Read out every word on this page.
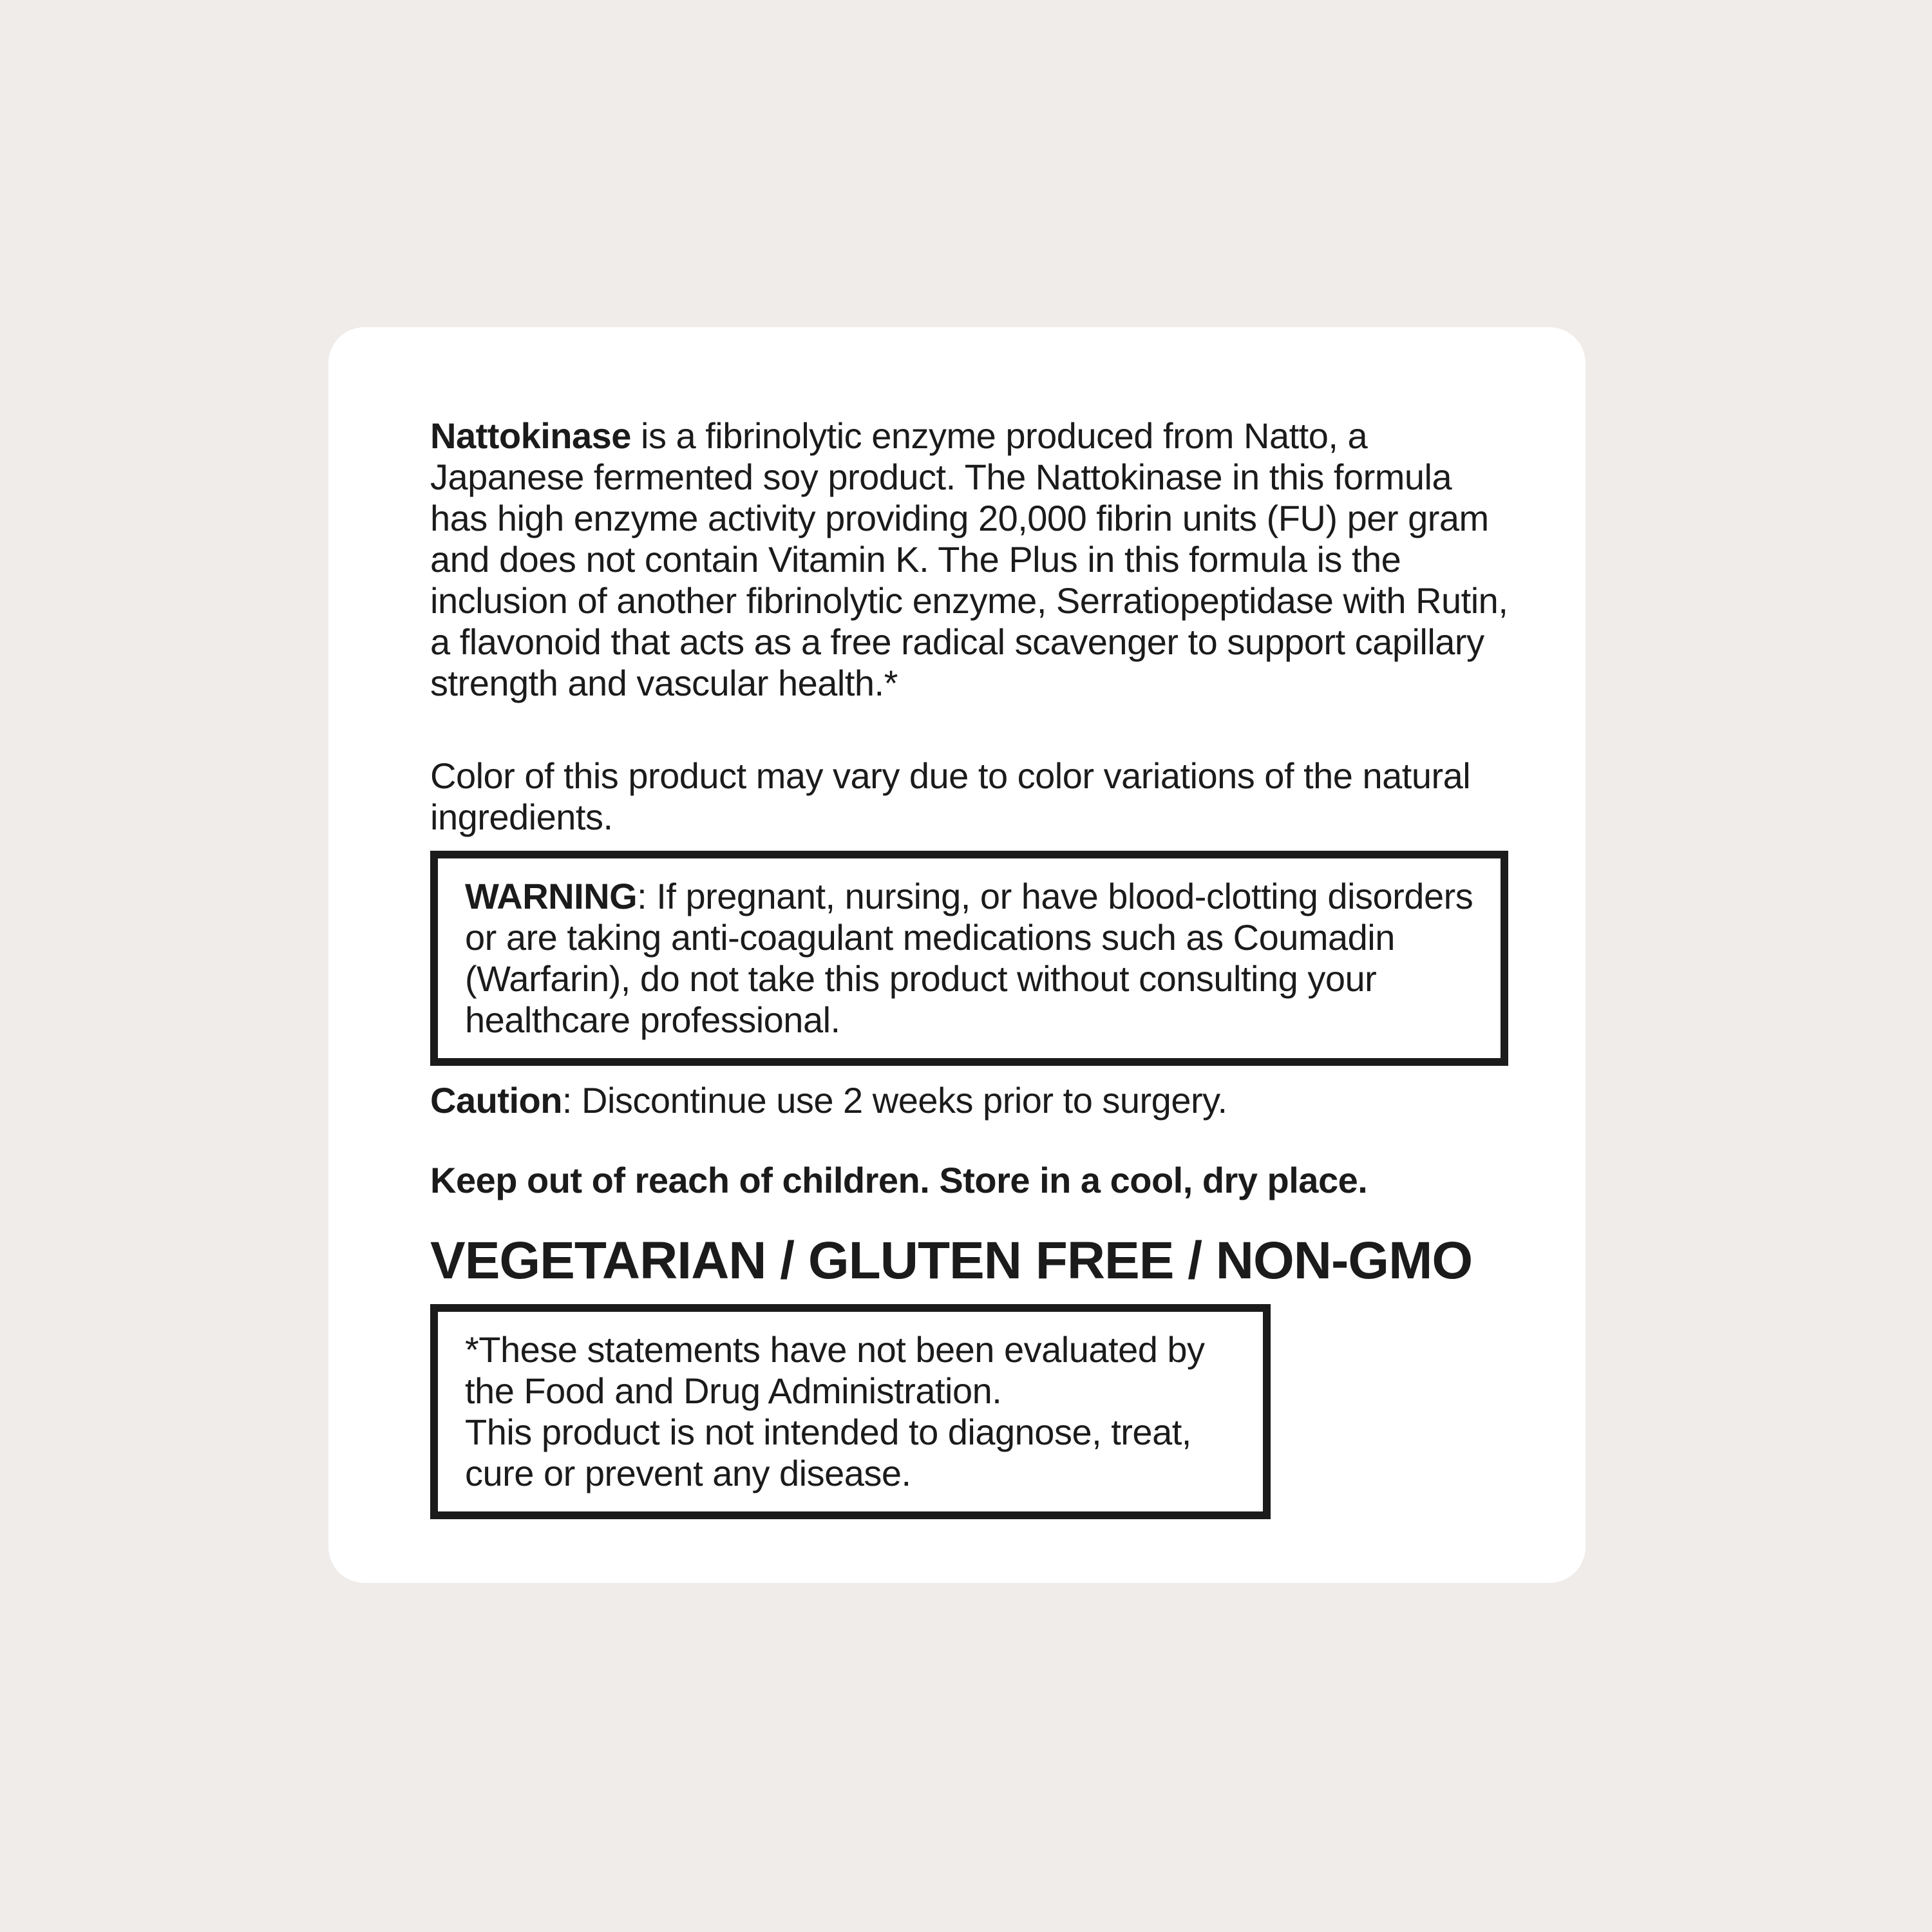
Nattokinase is a fibrinolytic enzyme produced from Natto, a Japanese fermented soy product. The Nattokinase in this formula has high enzyme activity providing 20,000 fibrin units (FU) per gram and does not contain Vitamin K. The Plus in this formula is the inclusion of another fibrinolytic enzyme, Serratiopeptidase with Rutin, a flavonoid that acts as a free radical scavenger to support capillary strength and vascular health.*

Color of this product may vary due to color variations of the natural ingredients.

WARNING: If pregnant, nursing, or have blood-clotting disorders or are taking anti-coagulant medications such as Coumadin (Warfarin), do not take this product without consulting your healthcare professional.

Caution: Discontinue use 2 weeks prior to surgery.

Keep out of reach of children. Store in a cool, dry place.

VEGETARIAN / GLUTEN FREE / NON-GMO

*These statements have not been evaluated by the Food and Drug Administration.
This product is not intended to diagnose, treat, cure or prevent any disease.
